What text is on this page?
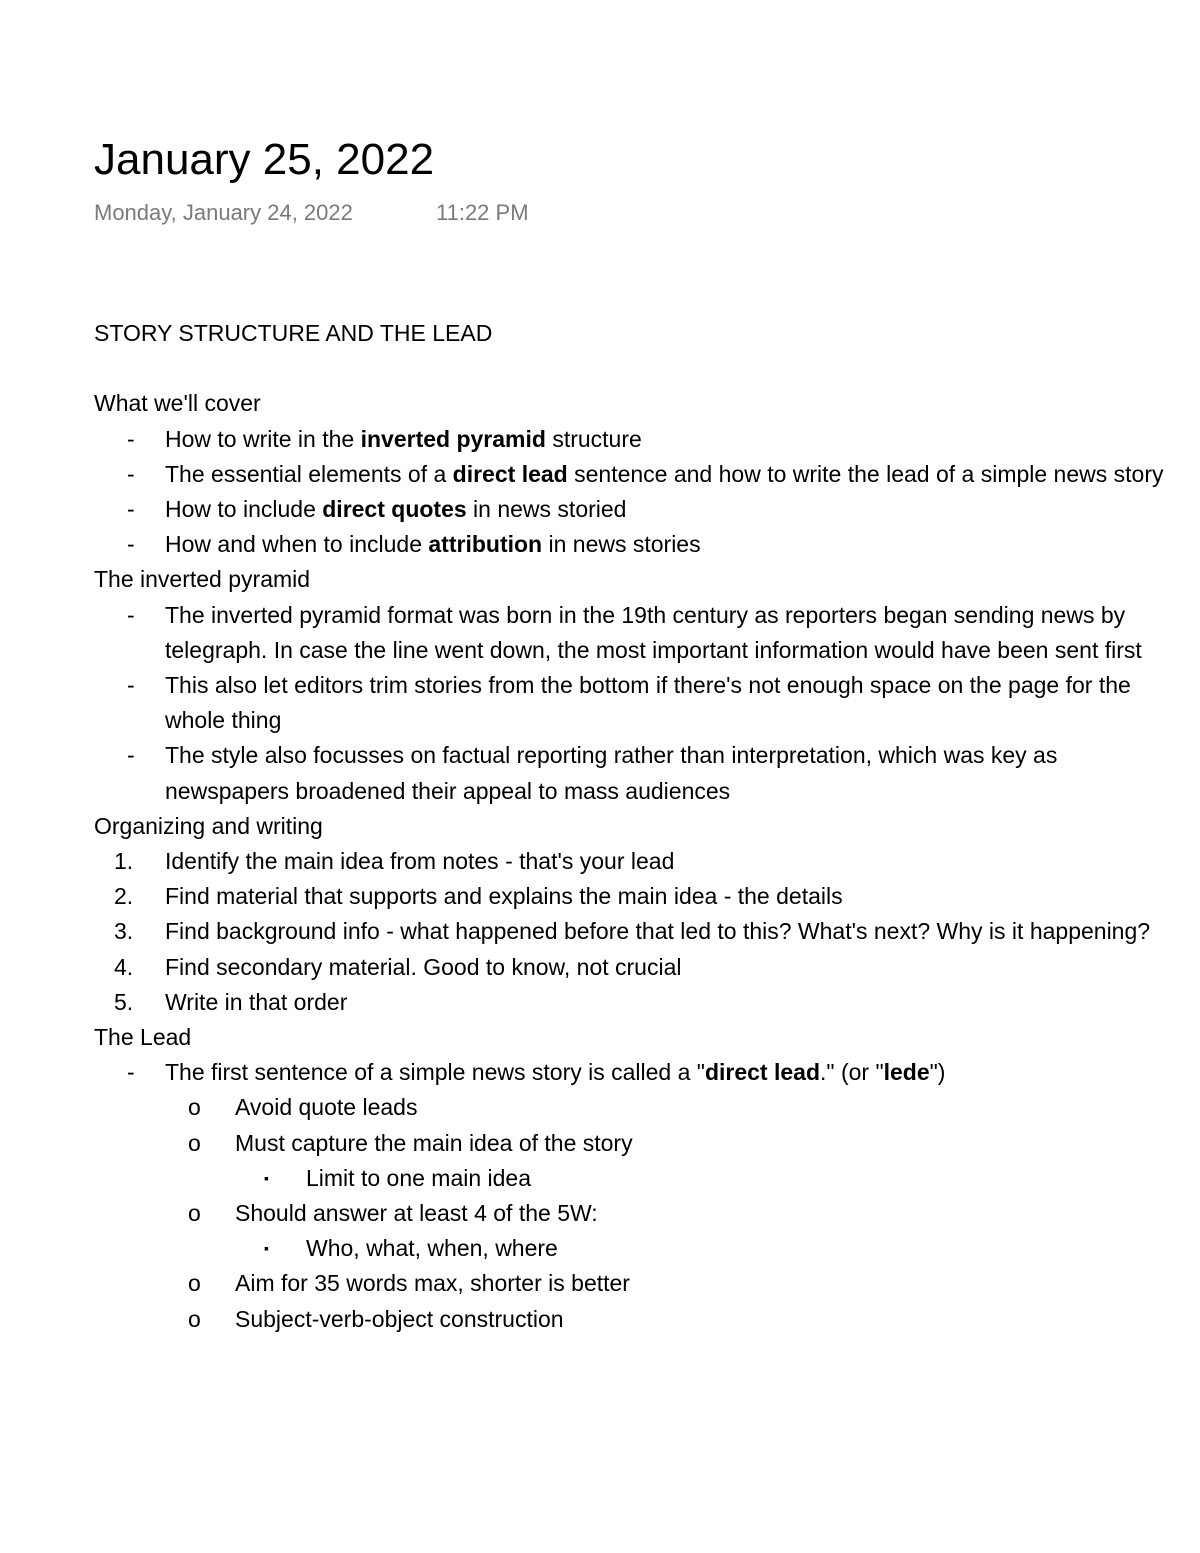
January 25, 2022
Monday, January 24, 2022	11:22 PM
STORY STRUCTURE AND THE LEAD
What we'll cover
-	How to write in the inverted pyramid structure
-	The essential elements of a direct lead sentence and how to write the lead of a simple news story
-	How to include direct quotes in news storied
-	How and when to include attribution in news stories
The inverted pyramid
-	The inverted pyramid format was born in the 19th century as reporters began sending news by telegraph. In case the line went down, the most important information would have been sent first
-	This also let editors trim stories from the bottom if there's not enough space on the page for the whole thing
-	The style also focusses on factual reporting rather than interpretation, which was key as newspapers broadened their appeal to mass audiences
Organizing and writing
1. Identify the main idea from notes - that's your lead
2. Find material that supports and explains the main idea - the details
3. Find background info - what happened before that led to this? What's next? Why is it happening?
4. Find secondary material. Good to know, not crucial
5. Write in that order
The Lead
-	The first sentence of a simple news story is called a "direct lead." (or "lede")
o	Avoid quote leads
o	Must capture the main idea of the story
▪	Limit to one main idea
o	Should answer at least 4 of the 5W:
▪	Who, what, when, where
o	Aim for 35 words max, shorter is better
o	Subject-verb-object construction
